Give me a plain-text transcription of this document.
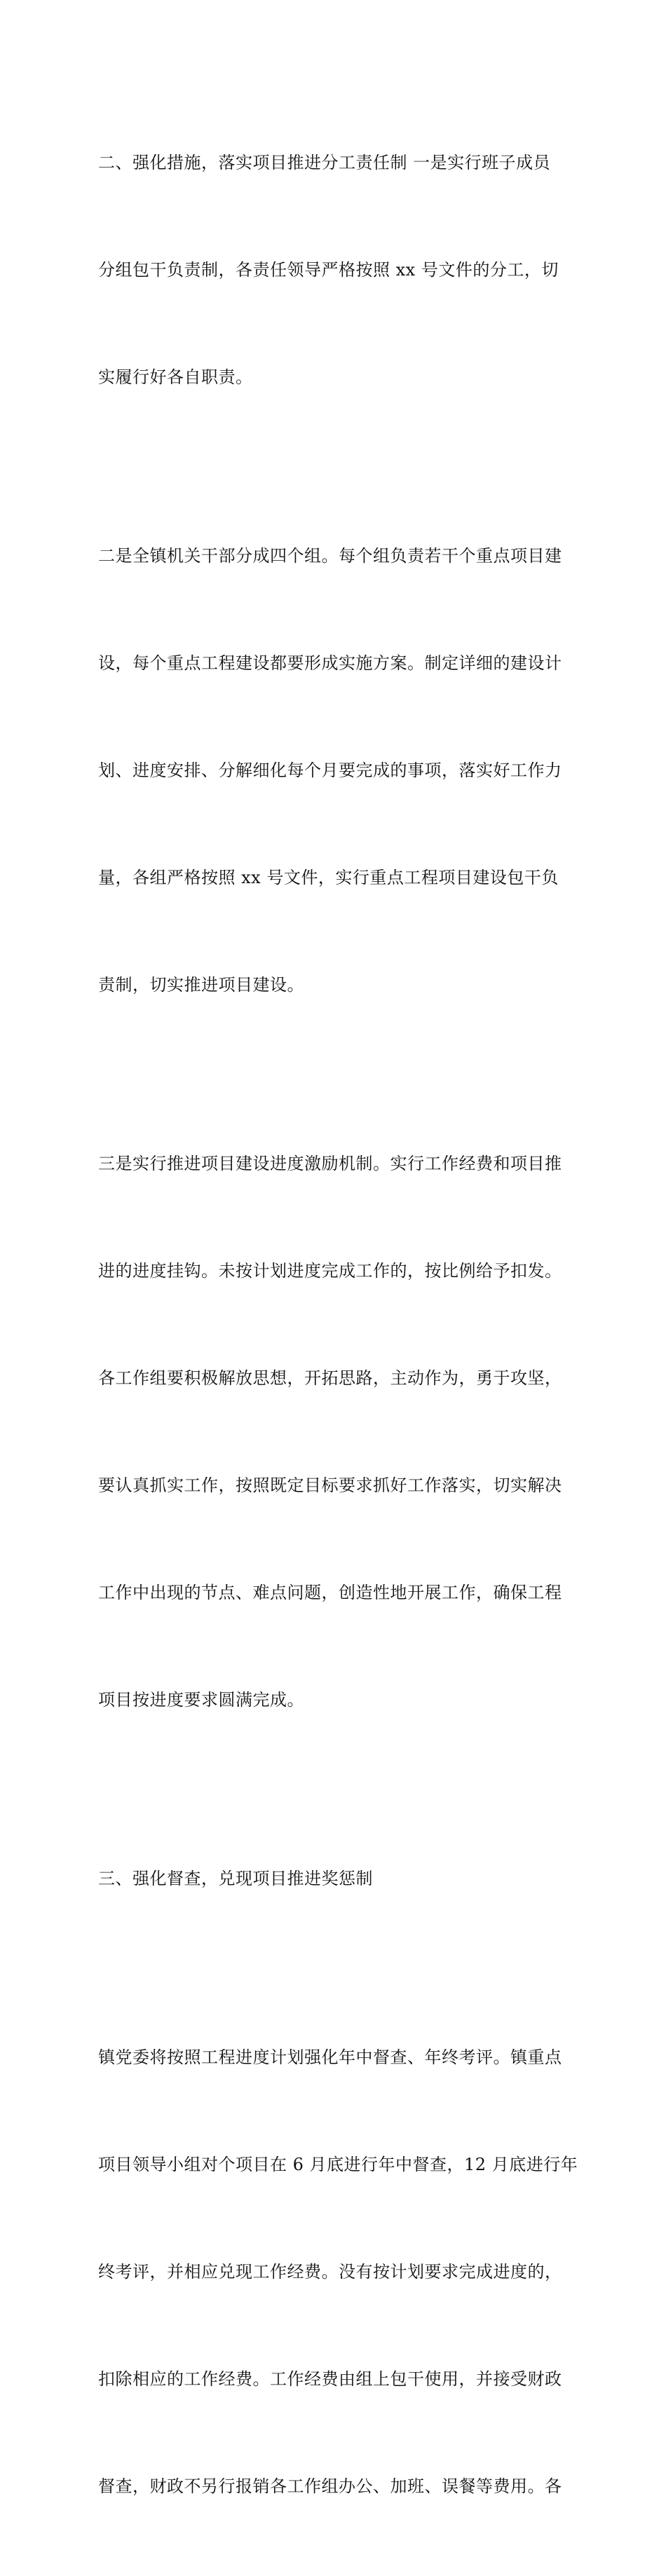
二、强化措施，落实项目推进分工责任制 一是实行班子成员

分组包干负责制，各责任领导严格按照 xx 号文件的分工，切

实履行好各自职责。

二是全镇机关干部分成四个组。每个组负责若干个重点项目建

设，每个重点工程建设都要形成实施方案。制定详细的建设计

划、进度安排、分解细化每个月要完成的事项，落实好工作力

量，各组严格按照 xx 号文件，实行重点工程项目建设包干负

责制，切实推进项目建设。

三是实行推进项目建设进度激励机制。实行工作经费和项目推

进的进度挂钩。未按计划进度完成工作的，按比例给予扣发。

各工作组要积极解放思想，开拓思路，主动作为，勇于攻坚，

要认真抓实工作，按照既定目标要求抓好工作落实，切实解决

工作中出现的节点、难点问题，创造性地开展工作，确保工程

项目按进度要求圆满完成。

三、强化督查，兑现项目推进奖惩制

镇党委将按照工程进度计划强化年中督查、年终考评。镇重点

项目领导小组对个项目在 6 月底进行年中督查，12 月底进行年

终考评，并相应兑现工作经费。没有按计划要求完成进度的，

扣除相应的工作经费。工作经费由组上包干使用，并接受财政

督查，财政不另行报销各工作组办公、加班、误餐等费用。各
